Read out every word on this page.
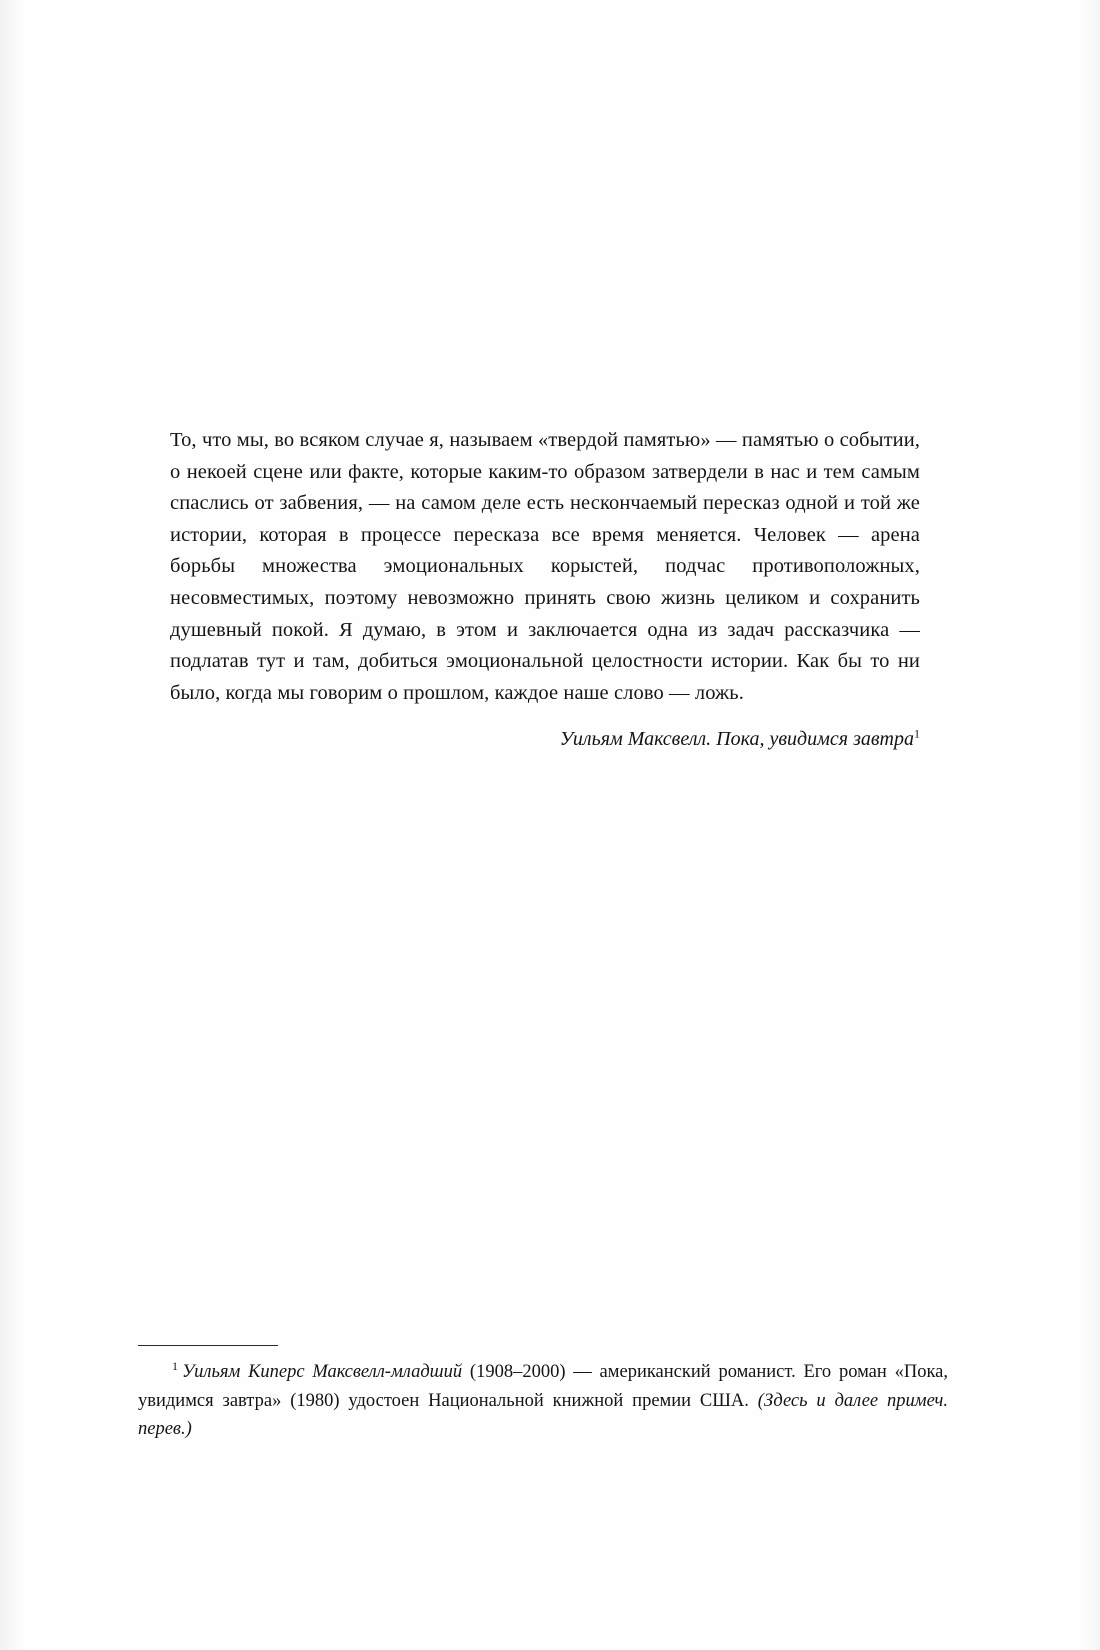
То, что мы, во всяком случае я, называем «твердой памятью» — памятью о событии, о некоей сцене или факте, которые каким-то образом затвердели в нас и тем самым спаслись от забвения, — на самом деле есть нескончаемый пересказ одной и той же истории, которая в процессе пересказа все время меняется. Человек — арена борьбы множества эмоциональных корыстей, подчас противоположных, несовместимых, поэтому невозможно принять свою жизнь целиком и сохранить душевный покой. Я думаю, в этом и заключается одна из задач рассказчика — подлатав тут и там, добиться эмоциональной целостности истории. Как бы то ни было, когда мы говорим о прошлом, каждое наше слово — ложь.

Уильям Максвелл. Пока, увидимся завтра$^1$

$^1$ Уильям Киперс Максвелл-младший (1908–2000) — американский романист. Его роман «Пока, увидимся завтра» (1980) удостоен Национальной книжной премии США. (Здесь и далее примеч. перев.)
